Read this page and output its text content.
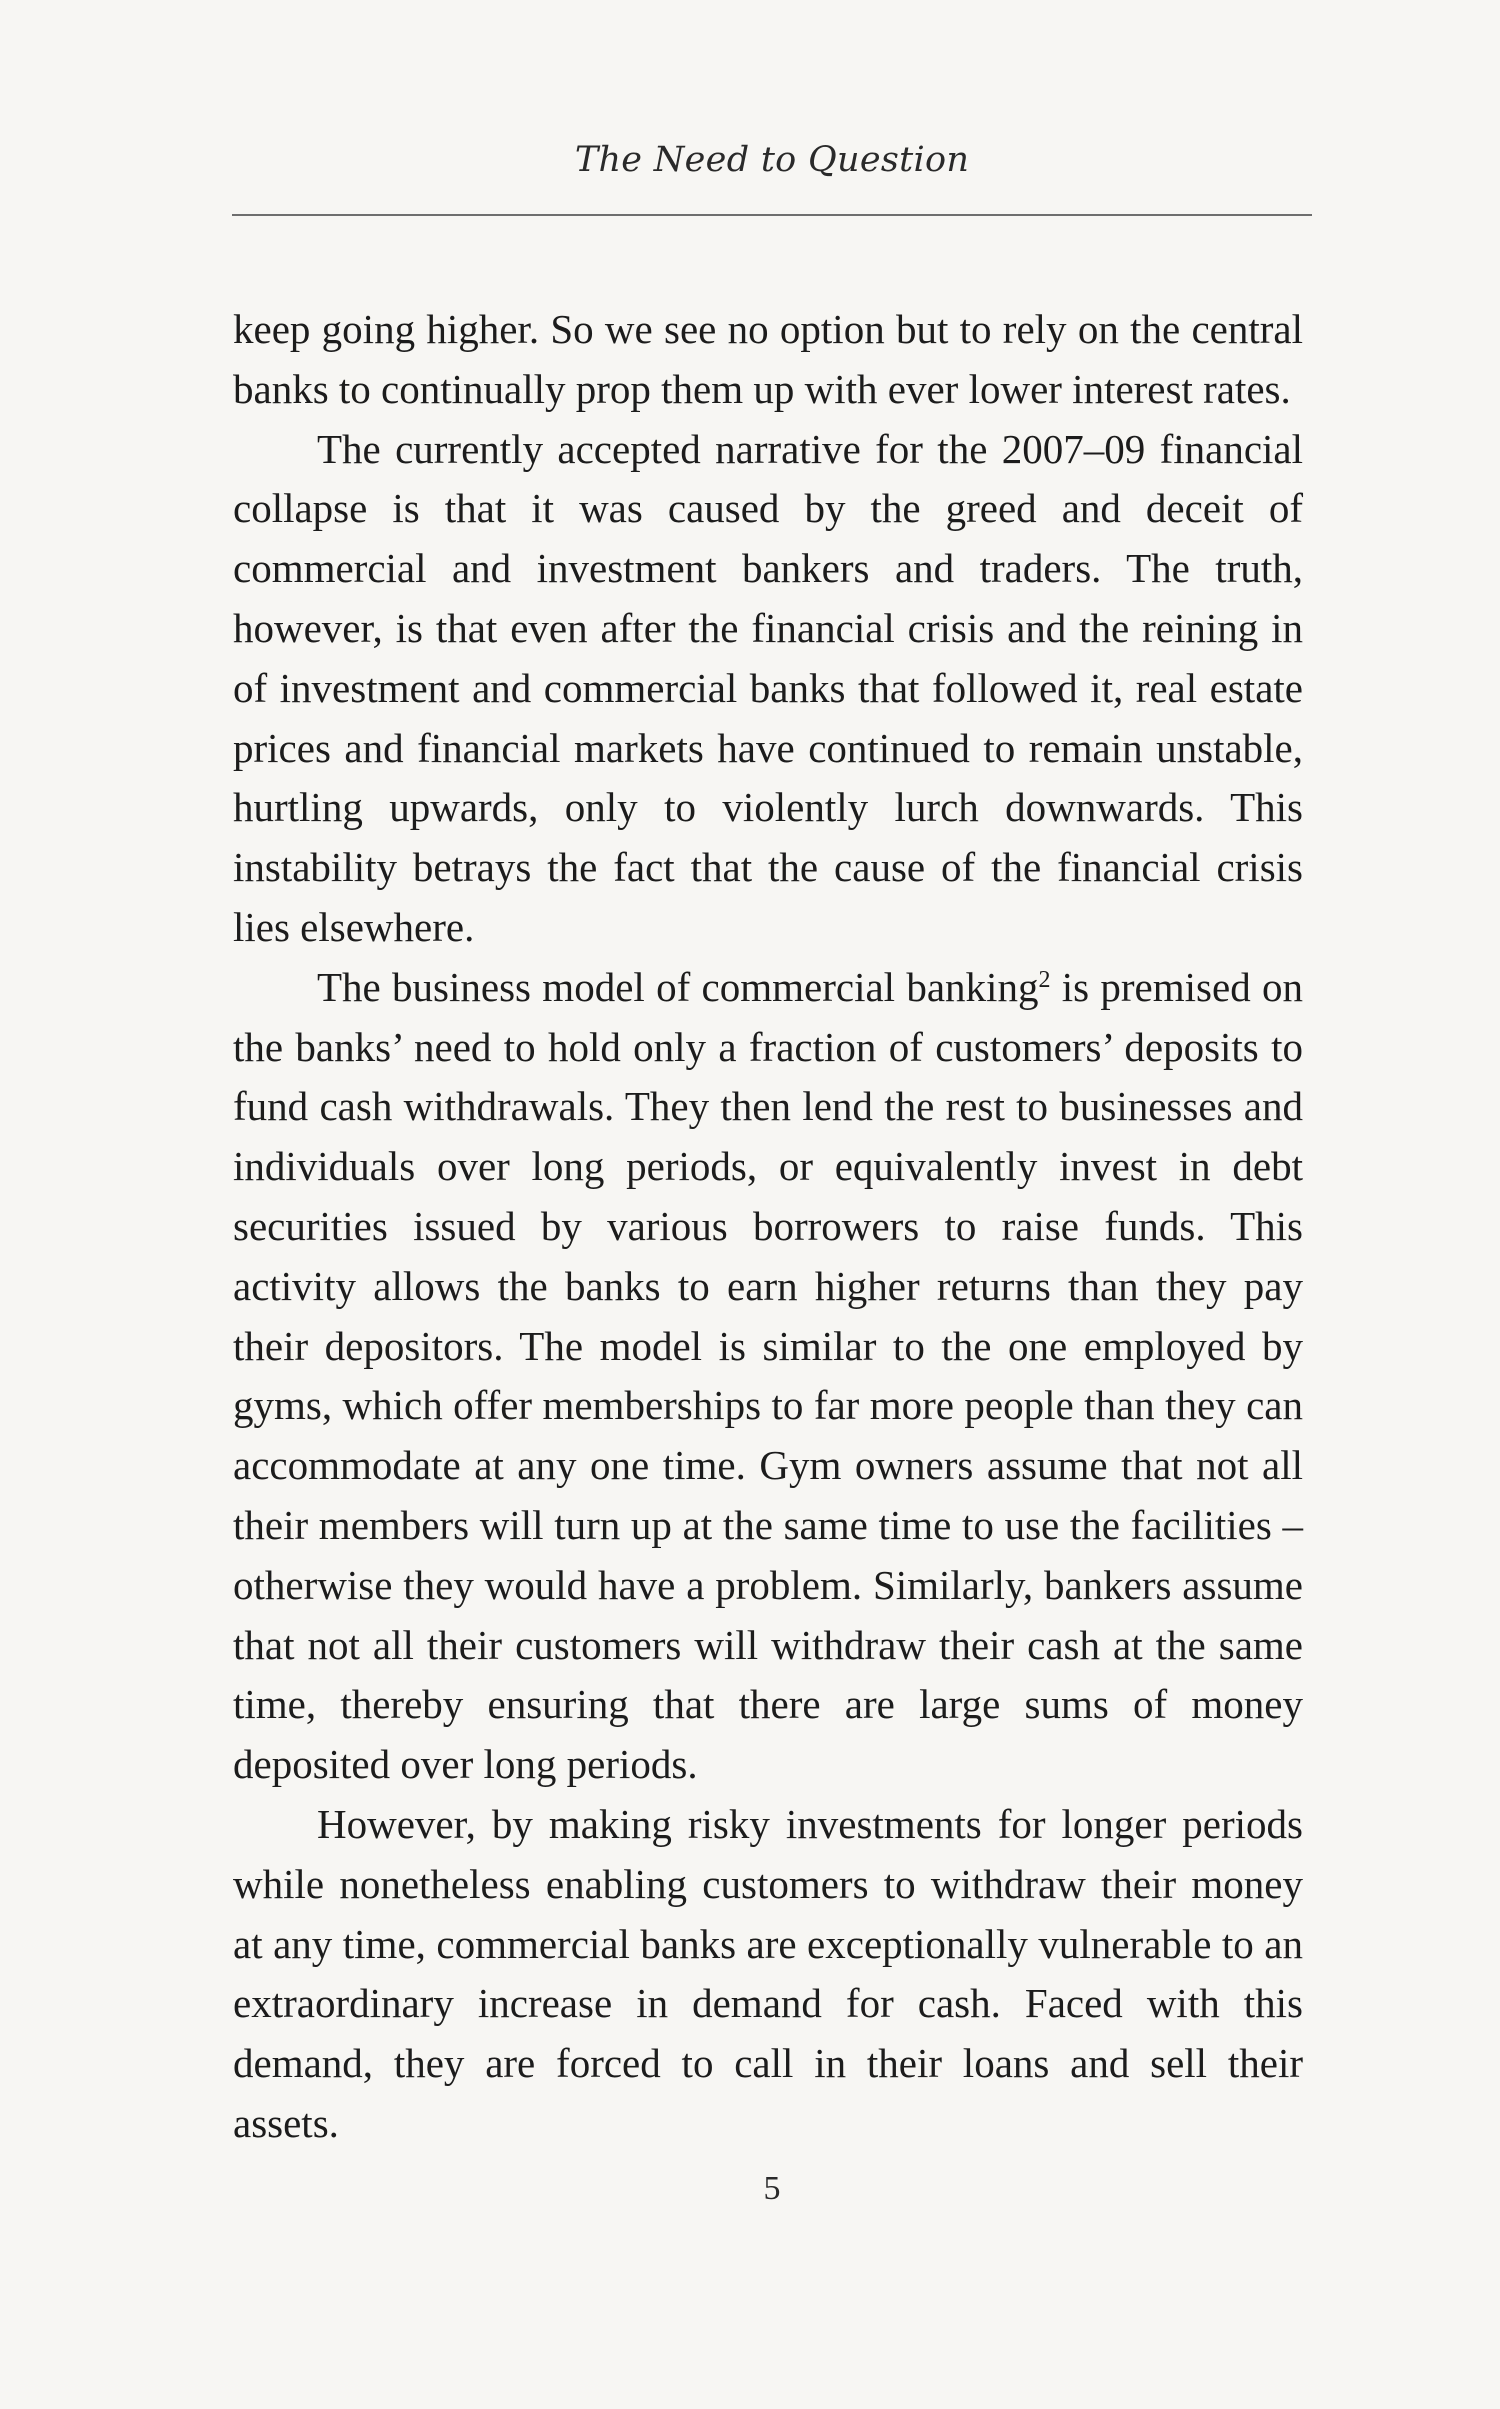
The Need to Question

keep going higher. So we see no option but to rely on the central banks to continually prop them up with ever lower interest rates.

The currently accepted narrative for the 2007–09 financial collapse is that it was caused by the greed and deceit of commercial and investment bankers and traders. The truth, however, is that even after the financial crisis and the reining in of investment and commercial banks that followed it, real estate prices and financial markets have continued to remain unstable, hurtling upwards, only to violently lurch downwards. This instability betrays the fact that the cause of the financial crisis lies elsewhere.

The business model of commercial banking$^2$ is premised on the banks’ need to hold only a fraction of customers’ deposits to fund cash withdrawals. They then lend the rest to businesses and individuals over long periods, or equivalently invest in debt securities issued by various borrowers to raise funds. This activity allows the banks to earn higher returns than they pay their depositors. The model is similar to the one employed by gyms, which offer memberships to far more people than they can accommodate at any one time. Gym owners assume that not all their members will turn up at the same time to use the facilities – otherwise they would have a problem. Similarly, bankers assume that not all their customers will withdraw their cash at the same time, thereby ensuring that there are large sums of money deposited over long periods.

However, by making risky investments for longer periods while nonetheless enabling customers to withdraw their money at any time, commercial banks are exceptionally vulnerable to an extraordinary increase in demand for cash. Faced with this demand, they are forced to call in their loans and sell their assets.

5
